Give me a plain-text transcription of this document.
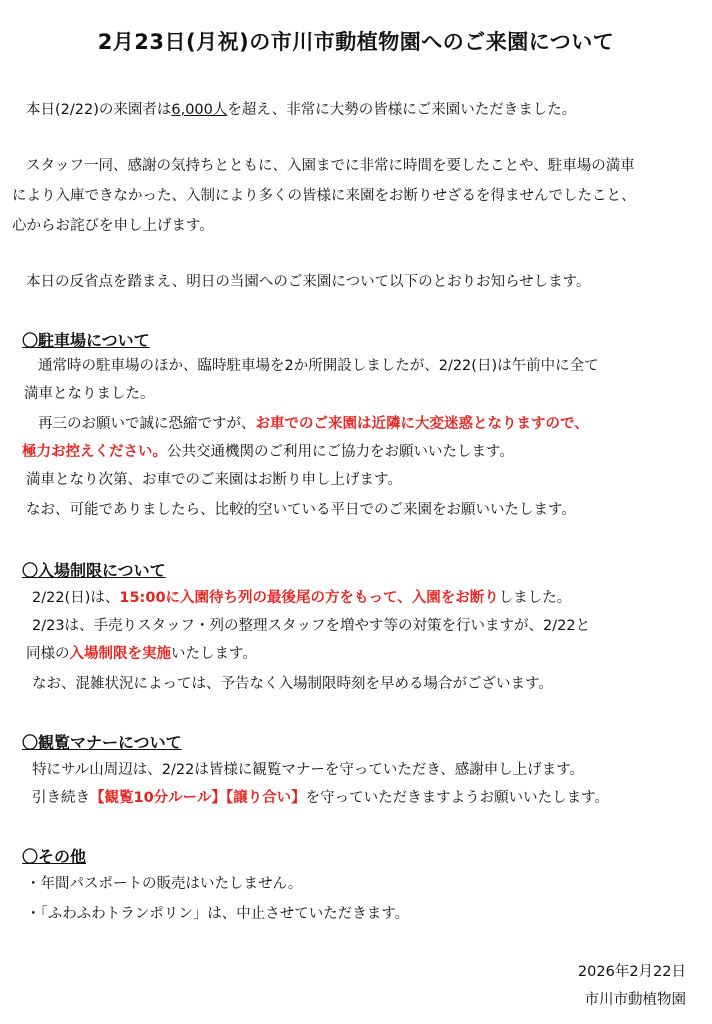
2月23日(月祝)の市川市動植物園へのご来園について
本日(2/22)の来園者は6,000人を超え、非常に大勢の皆様にご来園いただきました。
スタッフ一同、感謝の気持ちとともに、入園までに非常に時間を要したことや、駐車場の満車
により入庫できなかった、入制により多くの皆様に来園をお断りせざるを得ませんでしたこと、
心からお詫びを申し上げます。
本日の反省点を踏まえ、明日の当園へのご来園について以下のとおりお知らせします。
〇駐車場について
通常時の駐車場のほか、臨時駐車場を2か所開設しましたが、2/22(日)は午前中に全て
満車となりました。
再三のお願いで誠に恐縮ですが、お車でのご来園は近隣に大変迷惑となりますので、
極力お控えください。公共交通機関のご利用にご協力をお願いいたします。
満車となり次第、お車でのご来園はお断り申し上げます。
なお、可能でありましたら、比較的空いている平日でのご来園をお願いいたします。
〇入場制限について
2/22(日)は、15:00に入園待ち列の最後尾の方をもって、入園をお断りしました。
2/23は、手売りスタッフ・列の整理スタッフを増やす等の対策を行いますが、2/22と
同様の入場制限を実施いたします。
なお、混雑状況によっては、予告なく入場制限時刻を早める場合がございます。
〇観覧マナーについて
特にサル山周辺は、2/22は皆様に観覧マナーを守っていただき、感謝申し上げます。
引き続き【観覧10分ルール】【譲り合い】を守っていただきますようお願いいたします。
〇その他
・年間パスポートの販売はいたしません。
・「ふわふわトランポリン」は、中止させていただきます。
2026年2月22日
市川市動植物園
